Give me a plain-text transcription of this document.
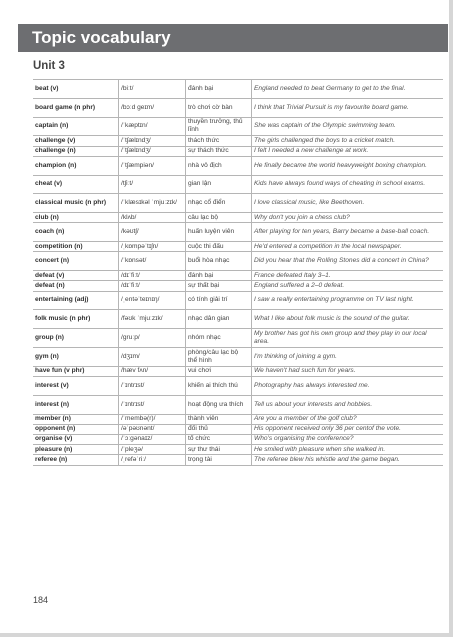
Topic vocabulary
Unit 3
beat (v)	/biːt/	đánh bại	England needed to beat Germany to get to the final.
board game (n phr)	/bɔːd ɡeɪm/	trò chơi cờ bàn	I think that Trivial Pursuit is my favourite board game.
captain (n)	/ˈkæptɪn/	thuyền trưởng, thủ lĩnh	She was captain of the Olympic swimming team.
challenge (v)	/ˈtʃælɪndʒ/	thách thức	The girls challenged the boys to a cricket match.
challenge (n)	/ˈtʃælɪndʒ/	sự thách thức	I felt I needed a new challenge at work.
champion (n)	/ˈtʃæmpiən/	nhà vô địch	He finally became the world heavyweight boxing champion.
cheat (v)	/tʃiːt/	gian lận	Kids have always found ways of cheating in school exams.
classical music (n phr)	/ˈklæsɪkəl ˈmjuːzɪk/	nhạc cổ điển	I love classical music, like Beethoven.
club (n)	/klʌb/	câu lạc bộ	Why don't you join a chess club?
coach (n)	/kəʊtʃ/	huấn luyện viên	After playing for ten years, Barry became a base-ball coach.
competition (n)	/ˌkɒmpəˈtɪʃn/	cuộc thi đấu	He'd entered a competition in the local newspaper.
concert (n)	/ˈkɒnsət/	buổi hòa nhạc	Did you hear that the Rolling Stones did a concert in China?
defeat (v)	/dɪˈfiːt/	đánh bại	France defeated Italy 3–1.
defeat (n)	/dɪˈfiːt/	sự thất bại	England suffered a 2–0 defeat.
entertaining (adj)	/ˌentəˈteɪnɪŋ/	có tính giải trí	I saw a really entertaining programme on TV last night.
folk music (n phr)	/fəʊk ˈmjuːzɪk/	nhạc dân gian	What I like about folk music is the sound of the guitar.
group (n)	/ɡruːp/	nhóm nhạc	My brother has got his own group and they play in our local area.
gym (n)	/dʒɪm/	phòng/câu lạc bộ thể hình	I'm thinking of joining a gym.
have fun (v phr)	/hæv fʌn/	vui chơi	We haven't had such fun for years.
interest (v)	/ˈɪntrɪst/	khiến ai thích thú	Photography has always interested me.
interest (n)	/ˈɪntrɪst/	hoạt động ưa thích	Tell us about your interests and hobbies.
member (n)	/ˈmembə(r)/	thành viên	Are you a member of the golf club?
opponent (n)	/əˈpəʊnənt/	đối thủ	His opponent received only 36 per centof the vote.
organise (v)	/ˈɔːɡənaɪz/	tổ chức	Who's organising the conference?
pleasure (n)	/ˈpleʒə/	sự thư thái	He smiled with pleasure when she walked in.
referee (n)	/ˌrefəˈriː/	trọng tài	The referee blew his whistle and the game began.
184
